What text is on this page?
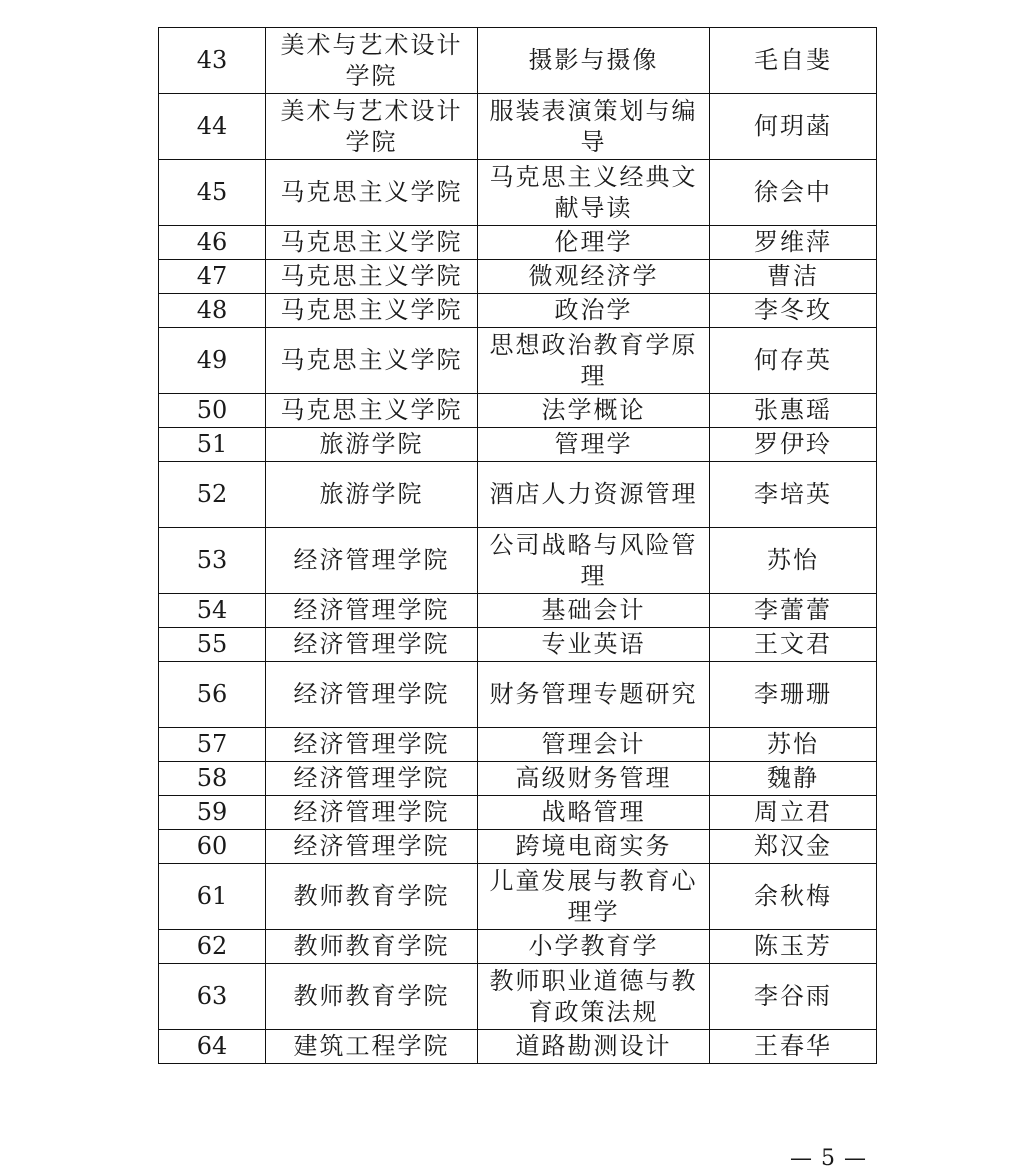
43	美术与艺术设计学院	摄影与摄像	毛自斐
44	美术与艺术设计学院	服装表演策划与编导	何玥菡
45	马克思主义学院	马克思主义经典文献导读	徐会中
46	马克思主义学院	伦理学	罗维萍
47	马克思主义学院	微观经济学	曹洁
48	马克思主义学院	政治学	李冬玫
49	马克思主义学院	思想政治教育学原理	何存英
50	马克思主义学院	法学概论	张惠瑶
51	旅游学院	管理学	罗伊玲
52	旅游学院	酒店人力资源管理	李培英
53	经济管理学院	公司战略与风险管理	苏怡
54	经济管理学院	基础会计	李蕾蕾
55	经济管理学院	专业英语	王文君
56	经济管理学院	财务管理专题研究	李珊珊
57	经济管理学院	管理会计	苏怡
58	经济管理学院	高级财务管理	魏静
59	经济管理学院	战略管理	周立君
60	经济管理学院	跨境电商实务	郑汉金
61	教师教育学院	儿童发展与教育心理学	余秋梅
62	教师教育学院	小学教育学	陈玉芳
63	教师教育学院	教师职业道德与教育政策法规	李谷雨
64	建筑工程学院	道路勘测设计	王春华
— 5 —
